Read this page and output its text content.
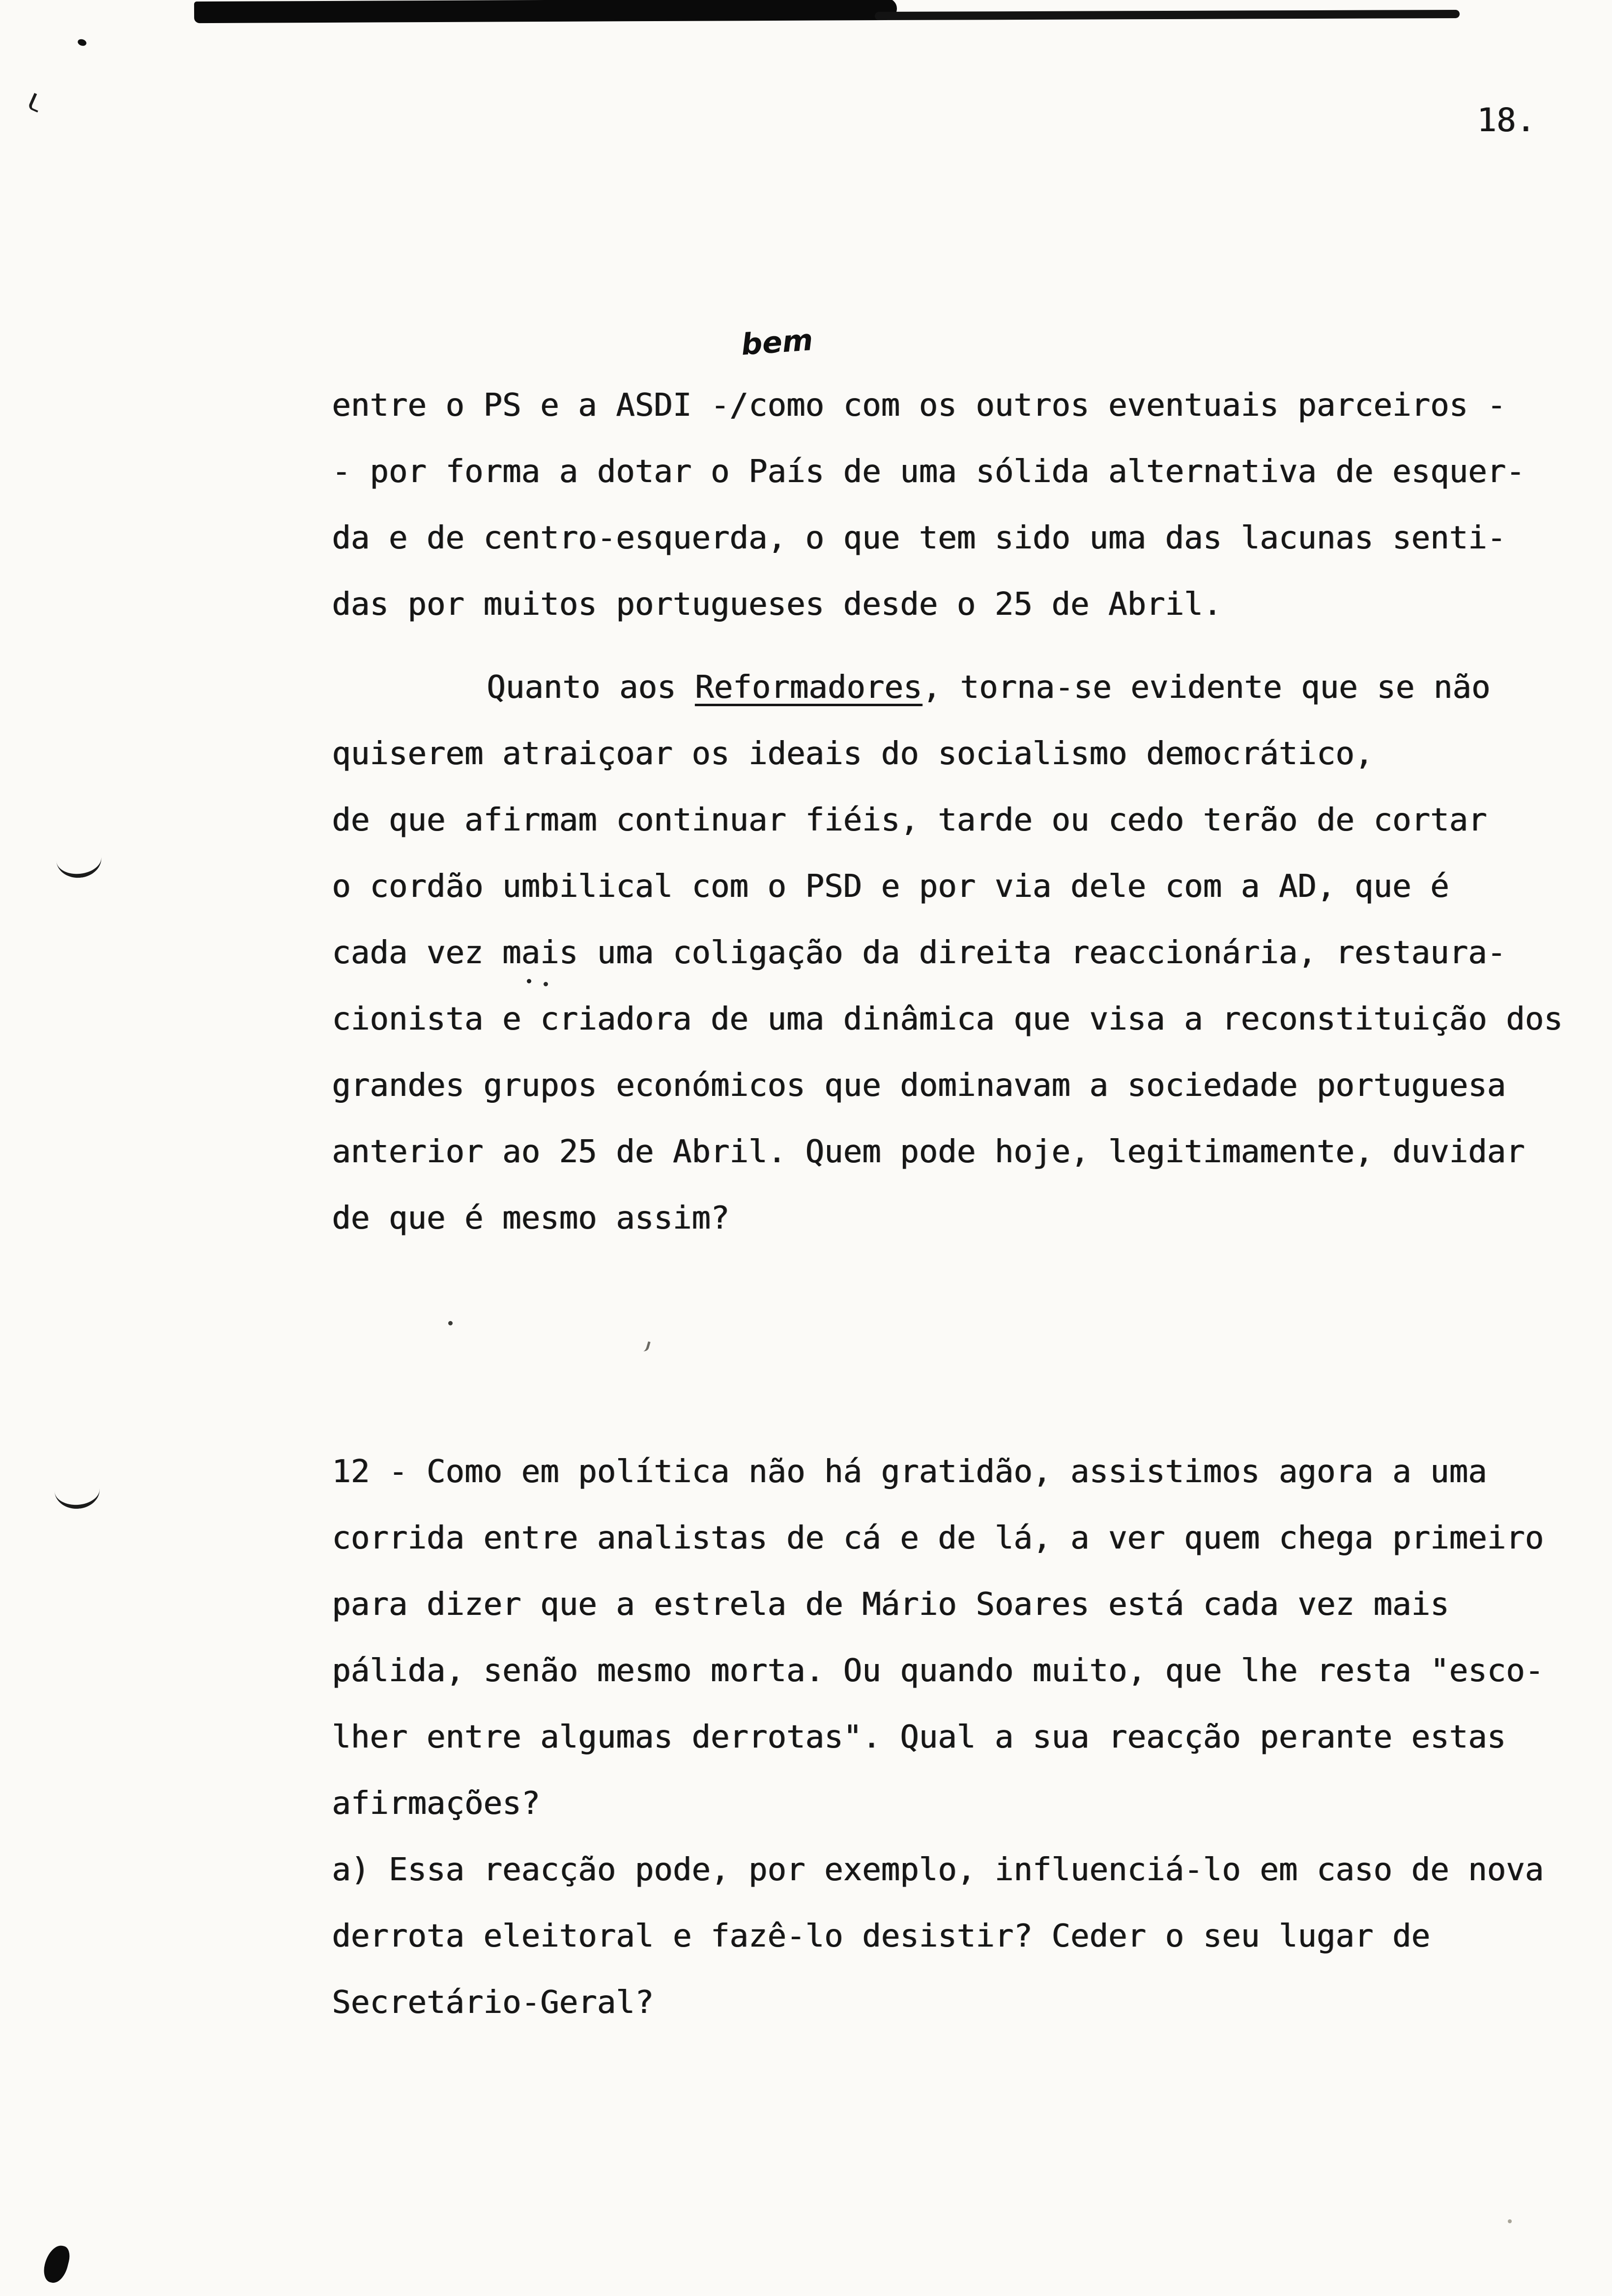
18.
bem
entre o PS e a ASDI -/como com os outros eventuais parceiros -
- por forma a dotar o País de uma sólida alternativa de esquer-
da e de centro-esquerda, o que tem sido uma das lacunas senti-
das por muitos portugueses desde o 25 de Abril.
Quanto aos Reformadores, torna-se evidente que se não
quiserem atraiçoar os ideais do socialismo democrático,
de que afirmam continuar fiéis, tarde ou cedo terão de cortar
o cordão umbilical com o PSD e por via dele com a AD, que é
cada vez mais uma coligação da direita reaccionária, restaura-
cionista e criadora de uma dinâmica que visa a reconstituição dos
grandes grupos económicos que dominavam a sociedade portuguesa
anterior ao 25 de Abril. Quem pode hoje, legitimamente, duvidar
de que é mesmo assim?
12 - Como em política não há gratidão, assistimos agora a uma
corrida entre analistas de cá e de lá, a ver quem chega primeiro
para dizer que a estrela de Mário Soares está cada vez mais
pálida, senão mesmo morta. Ou quando muito, que lhe resta "esco-
lher entre algumas derrotas". Qual a sua reacção perante estas
afirmações?
a) Essa reacção pode, por exemplo, influenciá-lo em caso de nova
derrota eleitoral e fazê-lo desistir? Ceder o seu lugar de
Secretário-Geral?
